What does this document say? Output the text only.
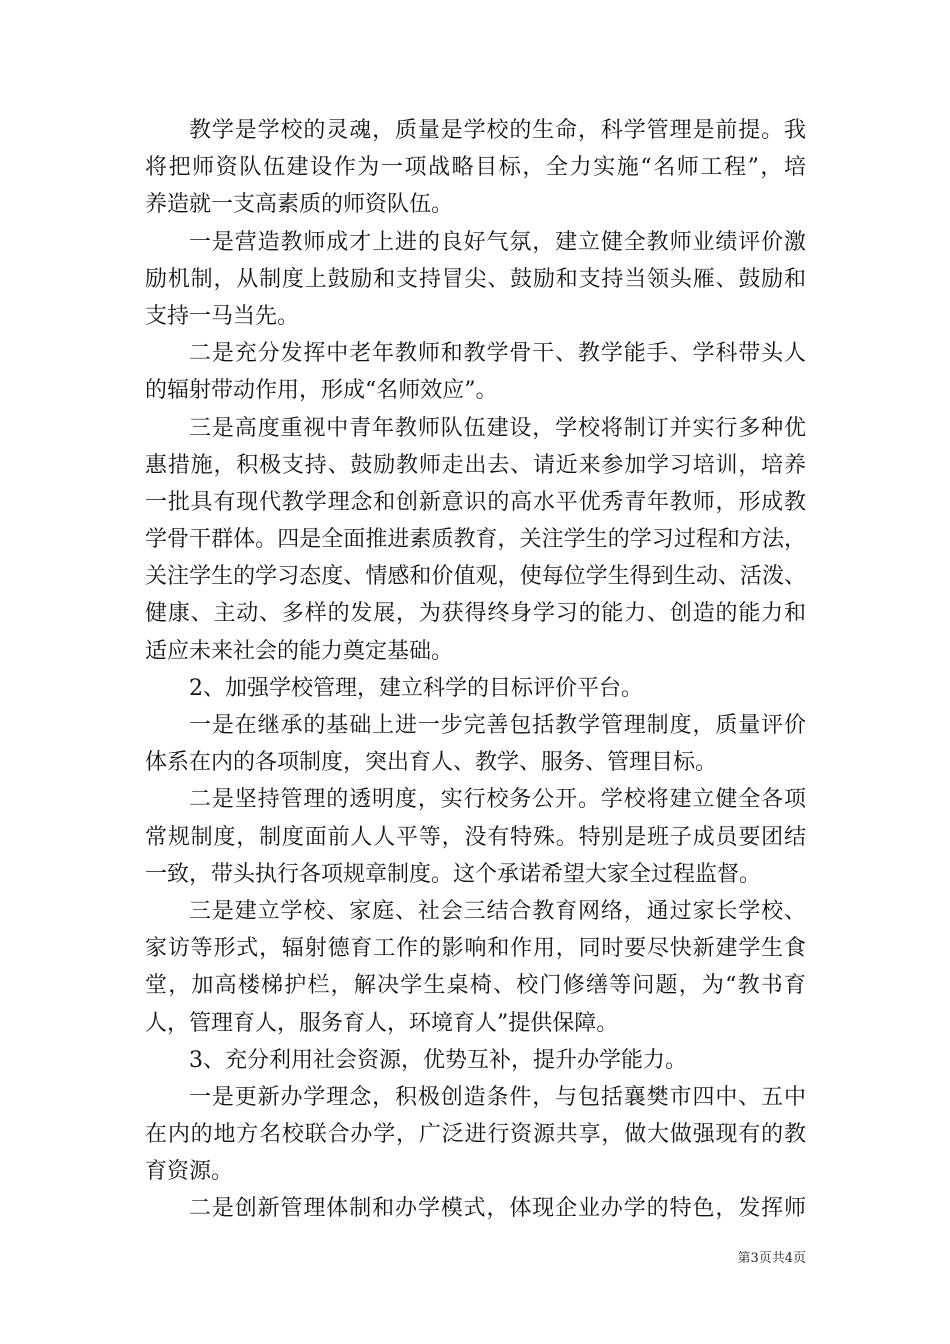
教学是学校的灵魂，质量是学校的生命，科学管理是前提。我
将把师资队伍建设作为一项战略目标，全力实施“名师工程”，培
养造就一支高素质的师资队伍。
一是营造教师成才上进的良好气氛，建立健全教师业绩评价激
励机制，从制度上鼓励和支持冒尖、鼓励和支持当领头雁、鼓励和
支持一马当先。
二是充分发挥中老年教师和教学骨干、教学能手、学科带头人
的辐射带动作用，形成“名师效应”。
三是高度重视中青年教师队伍建设，学校将制订并实行多种优
惠措施，积极支持、鼓励教师走出去、请近来参加学习培训，培养
一批具有现代教学理念和创新意识的高水平优秀青年教师，形成教
学骨干群体。四是全面推进素质教育，关注学生的学习过程和方法，
关注学生的学习态度、情感和价值观，使每位学生得到生动、活泼、
健康、主动、多样的发展，为获得终身学习的能力、创造的能力和
适应未来社会的能力奠定基础。
2、加强学校管理，建立科学的目标评价平台。
一是在继承的基础上进一步完善包括教学管理制度，质量评价
体系在内的各项制度，突出育人、教学、服务、管理目标。
二是坚持管理的透明度，实行校务公开。学校将建立健全各项
常规制度，制度面前人人平等，没有特殊。特别是班子成员要团结
一致，带头执行各项规章制度。这个承诺希望大家全过程监督。
三是建立学校、家庭、社会三结合教育网络，通过家长学校、
家访等形式，辐射德育工作的影响和作用，同时要尽快新建学生食
堂，加高楼梯护栏，解决学生桌椅、校门修缮等问题，为“教书育
人，管理育人，服务育人，环境育人”提供保障。
3、充分利用社会资源，优势互补，提升办学能力。
一是更新办学理念，积极创造条件，与包括襄樊市四中、五中
在内的地方名校联合办学，广泛进行资源共享，做大做强现有的教
育资源。
二是创新管理体制和办学模式，体现企业办学的特色，发挥师
第3页共4页
